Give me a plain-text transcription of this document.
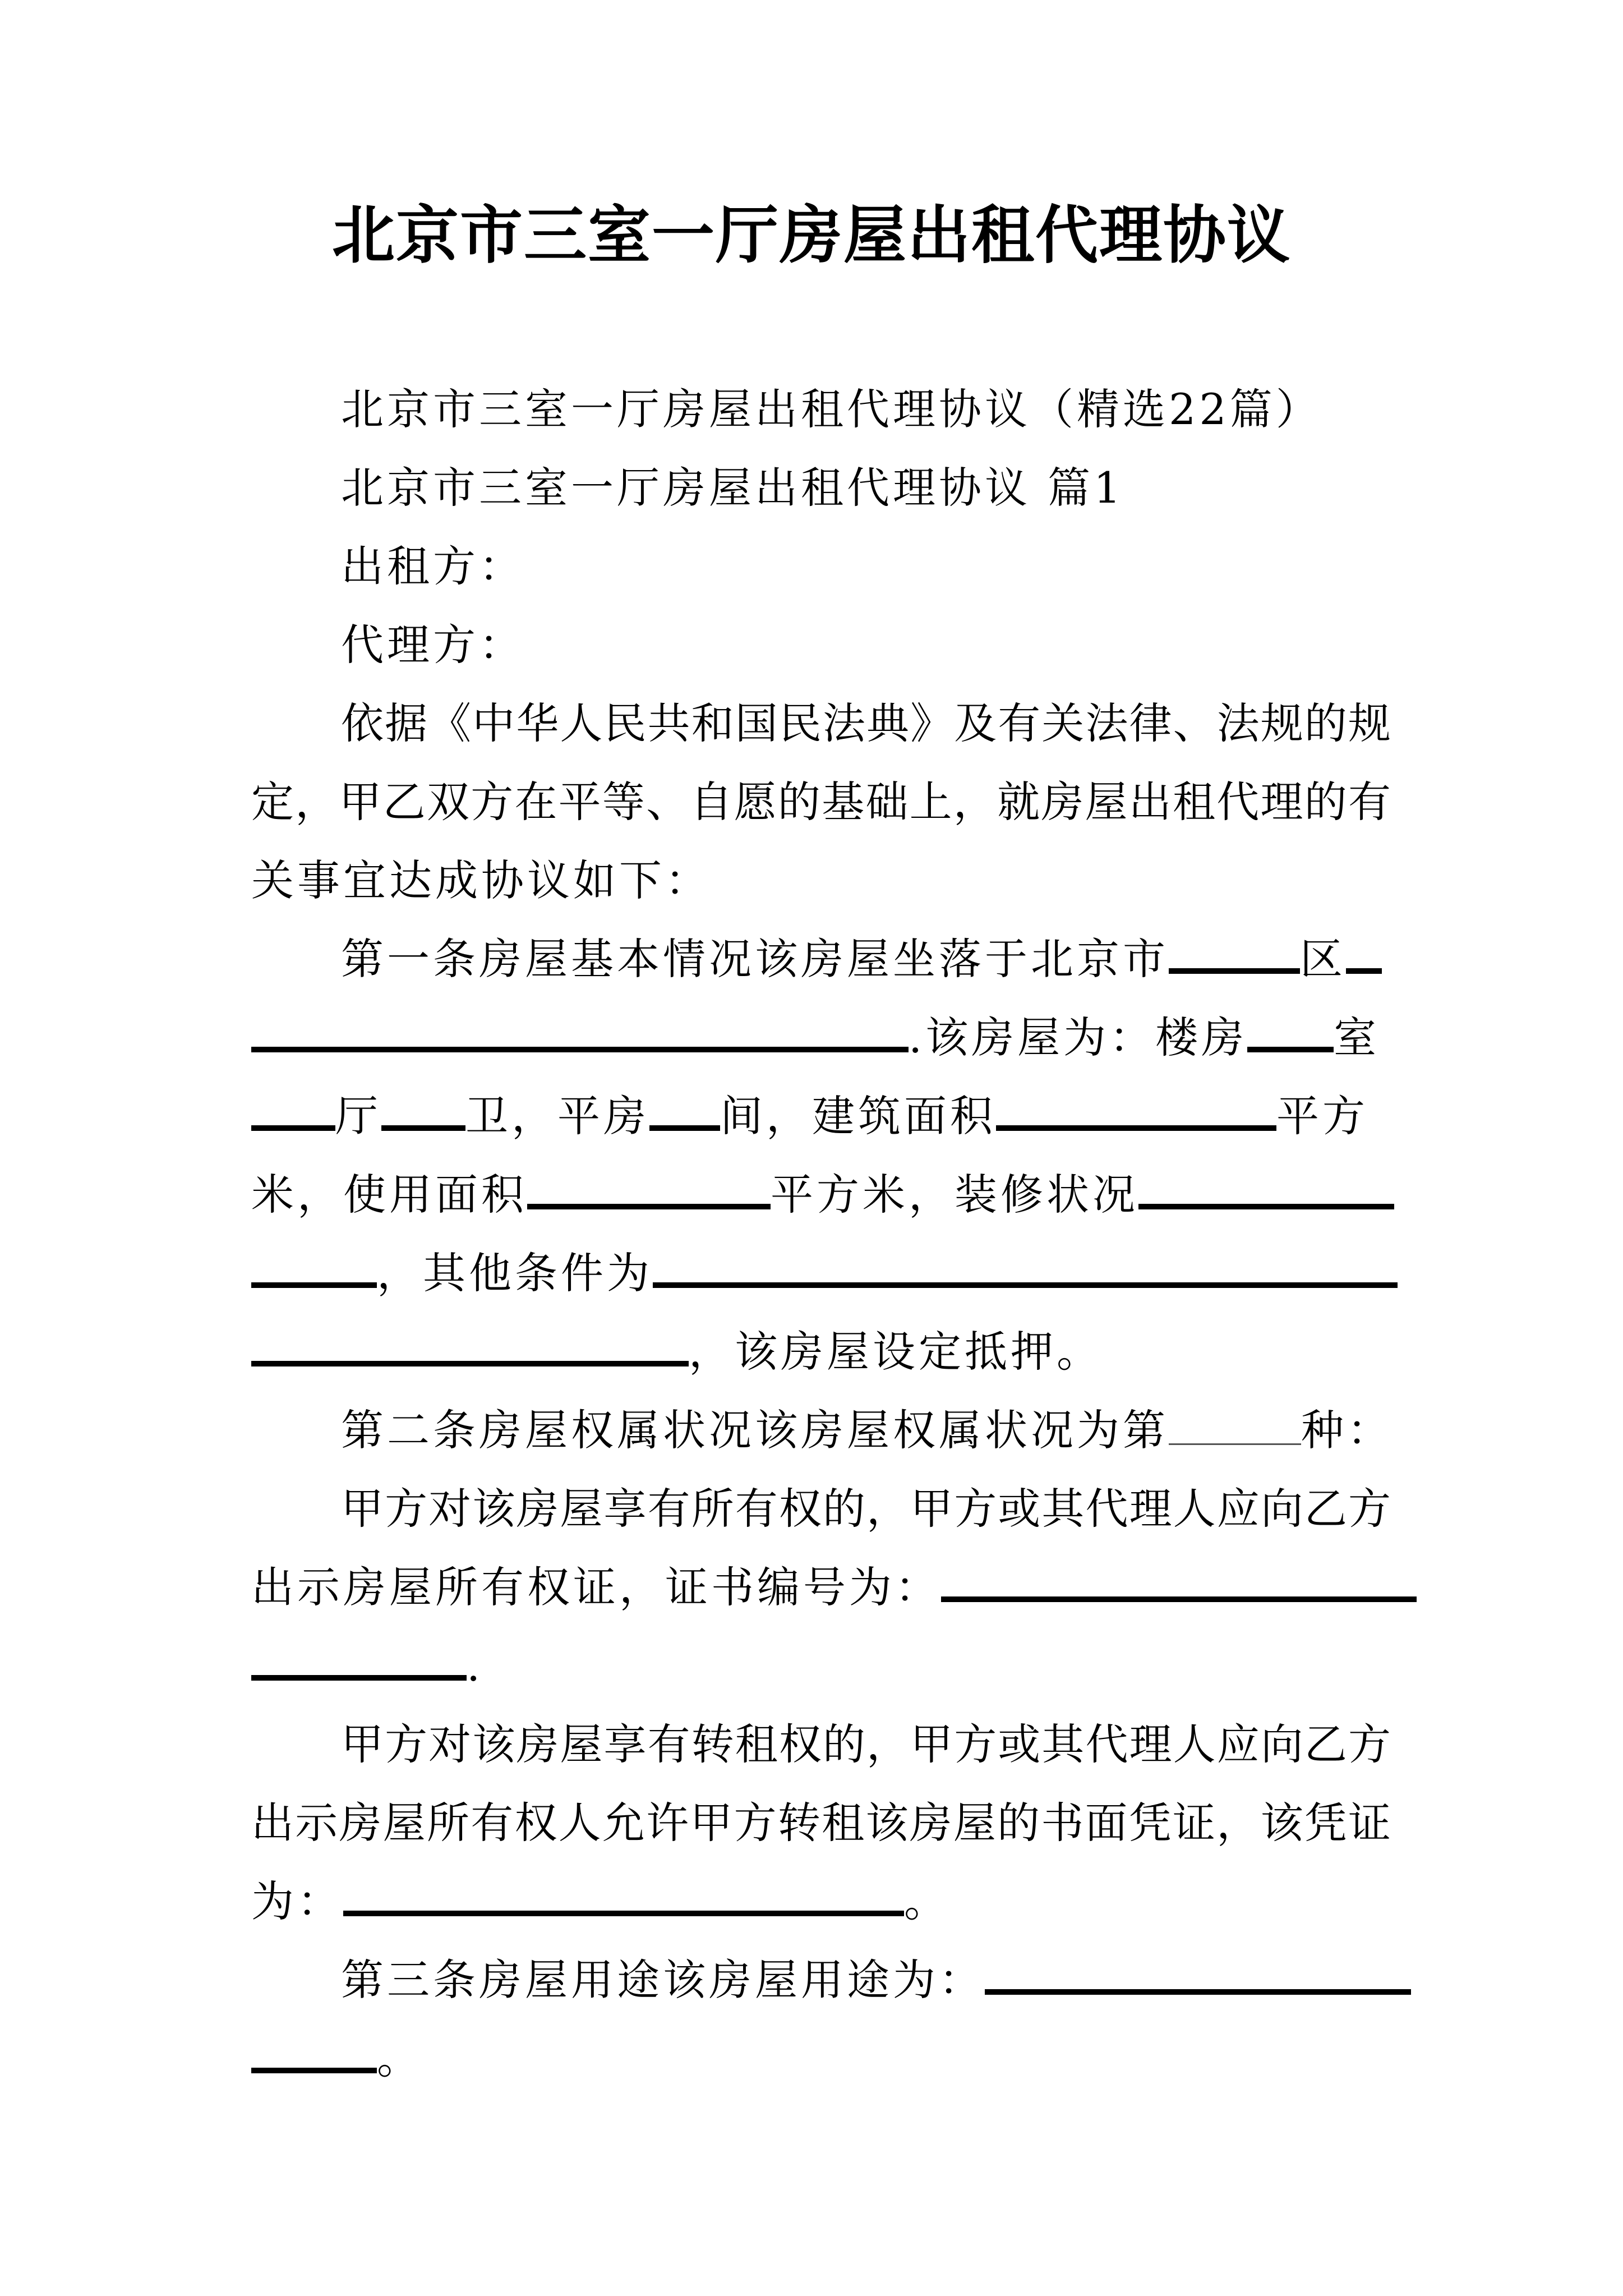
北京市三室一厅房屋出租代理协议
北京市三室一厅房屋出租代理协议（精选22篇）
北京市三室一厅房屋出租代理协议 篇1
出租方：
代理方：
依据《中华人民共和国民法典》及有关法律、法规的规
定，甲乙双方在平等、自愿的基础上，就房屋出租代理的有
关事宜达成协议如下：
第一条房屋基本情况该房屋坐落于北京市	区
.该房屋为：楼房 室
厅 卫，平房 间，建筑面积	平方
米，使用面积	平方米，装修状况
，其他条件为
，该房屋设定抵押。
第二条房屋权属状况该房屋权属状况为第	种：
甲方对该房屋享有所有权的，甲方或其代理人应向乙方
出示房屋所有权证，证书编号为：
.
甲方对该房屋享有转租权的，甲方或其代理人应向乙方
出示房屋所有权人允许甲方转租该房屋的书面凭证，该凭证
为：	。
第三条房屋用途该房屋用途为：
。
